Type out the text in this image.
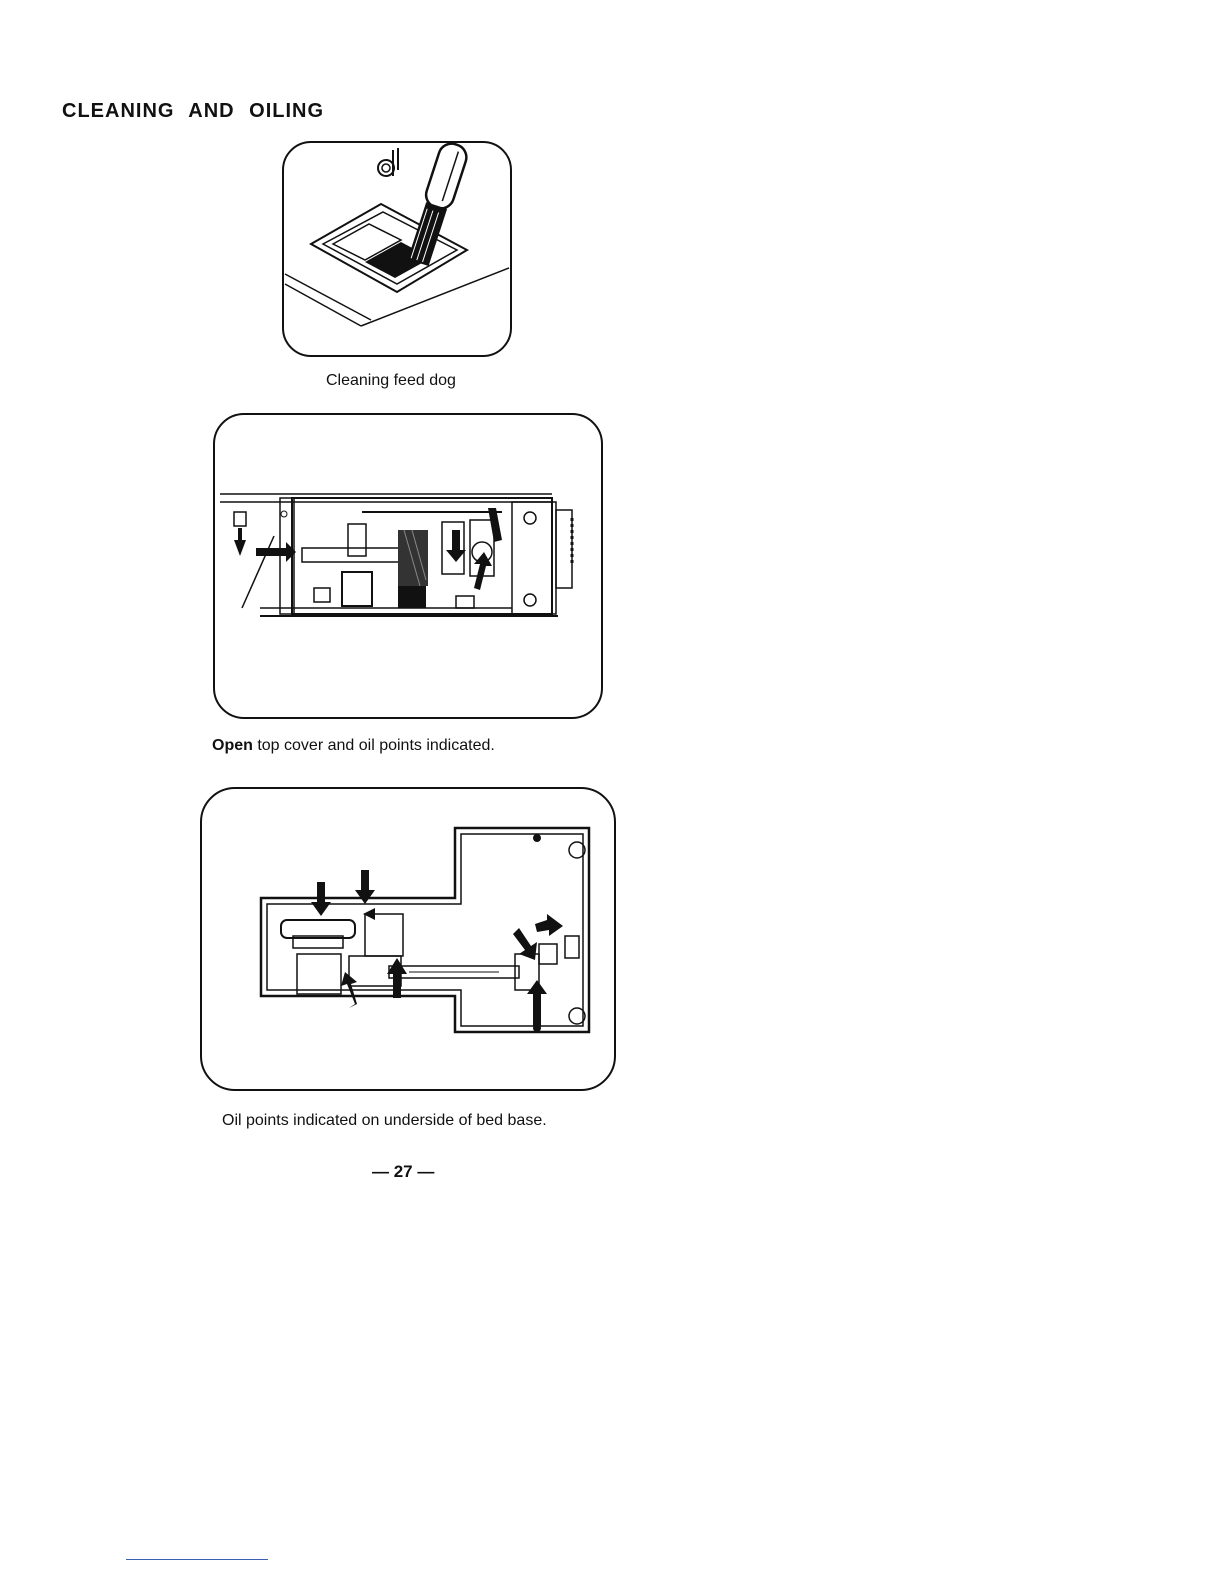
CLEANING AND OILING
Cleaning feed dog
Open top cover and oil points indicated.
Oil points indicated on underside of bed base.
— 27 —
